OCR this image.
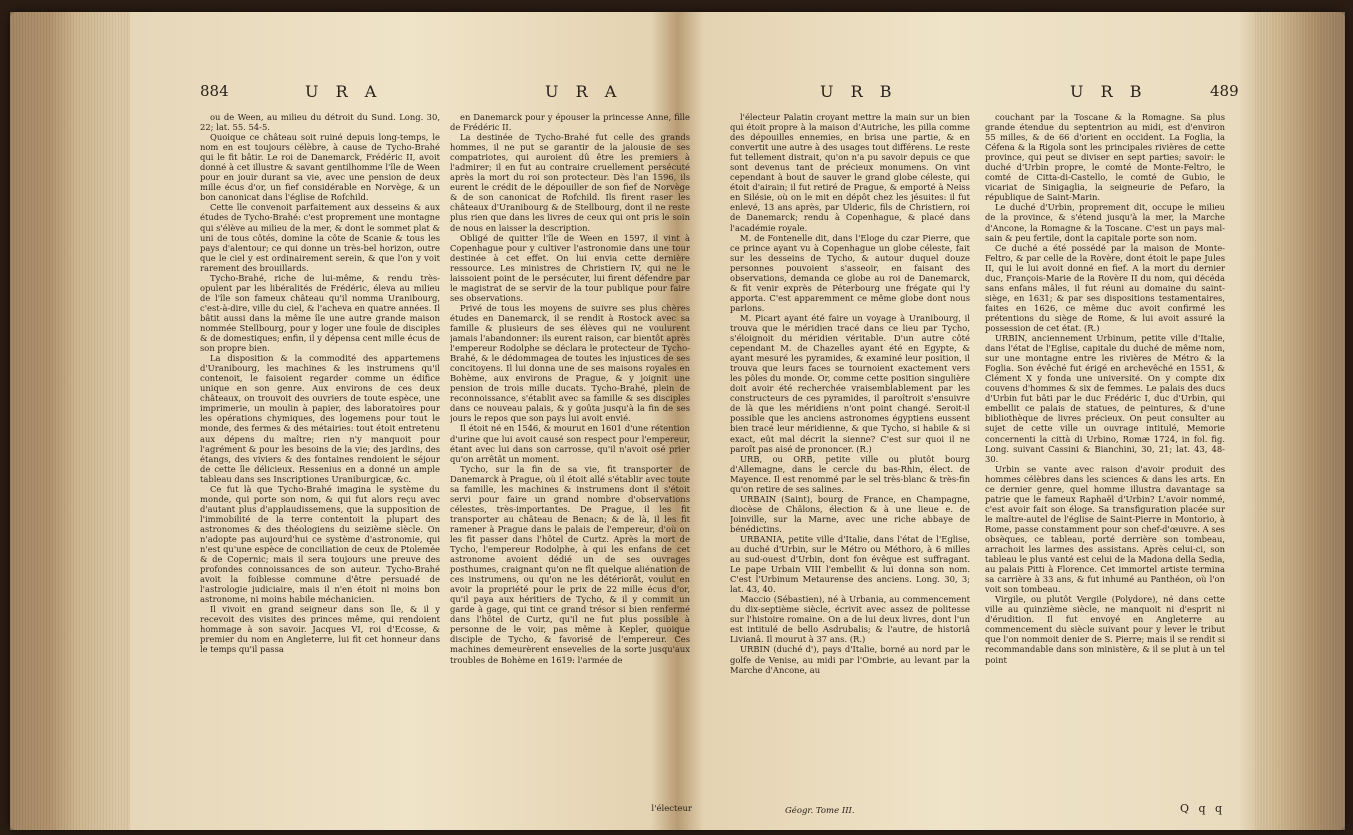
884	U R A	U R A

ou de Ween, au milieu du détroit du Sund. Long. 30, 22; lat. 55. 54-5.

Quoique ce château soit ruiné depuis long-temps, le nom en est toujours célèbre, à cause de Tycho-Brahé qui le fit bâtir. Le roi de Danemarck, Frédéric II, avoit donné à cet illustre & savant gentilhomme l'île de Ween pour en jouir durant sa vie, avec une pension de deux mille écus d'or, un fief considérable en Norvège, & un bon canonicat dans l'église de Rofchild.

Cette île convenoit parfaitement aux desseins & aux études de Tycho-Brahé: c'est proprement une montagne qui s'élève au milieu de la mer, & dont le sommet plat & uni de tous côtés, domine la côte de Scanie & tous les pays d'alentour; ce qui donne un très-bel horizon, outre que le ciel y est ordinairement serein, & que l'on y voit rarement des brouillards.

Tycho-Brahé, riche de lui-même, & rendu très-opulent par les libéralités de Frédéric, éleva au milieu de l'île son fameux château qu'il nomma Uranibourg, c'est-à-dire, ville du ciel, & l'acheva en quatre années. Il bâtit aussi dans la même île une autre grande maison nommée Stellbourg, pour y loger une foule de disciples & de domestiques; enfin, il y dépensa cent mille écus de son propre bien.

La disposition & la commodité des appartemens d'Uranibourg, les machines & les instrumens qu'il contenoit, le faisoient regarder comme un édifice unique en son genre. Aux environs de ces deux châteaux, on trouvoit des ouvriers de toute espèce, une imprimerie, un moulin à papier, des laboratoires pour les opérations chymiques, des logemens pour tout le monde, des fermes & des métairies: tout étoit entretenu aux dépens du maître; rien n'y manquoit pour l'agrément & pour les besoins de la vie; des jardins, des étangs, des viviers & des fontaines rendoient le séjour de cette île délicieux. Ressenius en a donné un ample tableau dans ses Inscriptiones Uraniburgicæ, &c.

Ce fut là que Tycho-Brahé imagina le système du monde, qui porte son nom, & qui fut alors reçu avec d'autant plus d'applaudissemens, que la supposition de l'immobilité de la terre contentoit la plupart des astronomes & des théologiens du seizième siècle. On n'adopte pas aujourd'hui ce système d'astronomie, qui n'est qu'une espèce de conciliation de ceux de Ptolemée & de Copernic; mais il sera toujours une preuve des profondes connoissances de son auteur. Tycho-Brahé avoit la foiblesse commune d'être persuadé de l'astrologie judiciaire, mais il n'en étoit ni moins bon astronome, ni moins habile méchanicien.

Il vivoit en grand seigneur dans son île, & il y recevoit des visites des princes même, qui rendoient hommage à son savoir. Jacques VI, roi d'Ecosse, & premier du nom en Angleterre, lui fit cet honneur dans le temps qu'il passa

en Danemarck pour y épouser la princesse Anne, fille de Frédéric II.

La destinée de Tycho-Brahé fut celle des grands hommes, il ne put se garantir de la jalousie de ses compatriotes, qui auroient dû être les premiers à l'admirer; il en fut au contraire cruellement persécuté après la mort du roi son protecteur. Dès l'an 1596, ils eurent le crédit de le dépouiller de son fief de Norvège & de son canonicat de Rofchild. Ils firent raser les châteaux d'Uranibourg & de Stellbourg, dont il ne reste plus rien que dans les livres de ceux qui ont pris le soin de nous en laisser la description.

Obligé de quitter l'île de Ween en 1597, il vint à Copenhague pour y cultiver l'astronomie dans une tour destinée à cet effet. On lui envia cette dernière ressource. Les ministres de Christiern IV, qui ne le laissoient point de le persécuter, lui firent défendre par le magistrat de se servir de la tour publique pour faire ses observations.

Privé de tous les moyens de suivre ses plus chères études en Danemarck, il se rendit à Rostock avec sa famille & plusieurs de ses élèves qui ne voulurent jamais l'abandonner: ils eurent raison, car bientôt après l'empereur Rodolphe se déclara le protecteur de Tycho-Brahé, & le dédommagea de toutes les injustices de ses concitoyens. Il lui donna une de ses maisons royales en Bohème, aux environs de Prague, & y joignit une pension de trois mille ducats. Tycho-Brahé, plein de reconnoissance, s'établit avec sa famille & ses disciples dans ce nouveau palais, & y goûta jusqu'à la fin de ses jours le repos que son pays lui avoit envié.

Il étoit né en 1546, & mourut en 1601 d'une rétention d'urine que lui avoit causé son respect pour l'empereur, étant avec lui dans son carrosse, qu'il n'avoit osé prier qu'on arrêtât un moment.

Tycho, sur la fin de sa vie, fit transporter de Danemarck à Prague, où il étoit allé s'établir avec toute sa famille, les machines & instrumens dont il s'étoit servi pour faire un grand nombre d'observations célestes, très-importantes. De Prague, il les fit transporter au château de Benacn; & de là, il les fit ramener à Prague dans le palais de l'empereur, d'où on les fit passer dans l'hôtel de Curtz. Après la mort de Tycho, l'empereur Rodolphe, à qui les enfans de cet astronome avoient dédié un de ses ouvrages posthumes, craignant qu'on ne fît quelque aliénation de ces instrumens, ou qu'on ne les détériorât, voulut en avoir la propriété pour le prix de 22 mille écus d'or, qu'il paya aux héritiers de Tycho, & il y commit un garde à gage, qui tint ce grand trésor si bien renfermé dans l'hôtel de Curtz, qu'il ne fut plus possible à personne de le voir, pas même à Kepler, quoique disciple de Tycho, & favorisé de l'empereur. Ces machines demeurèrent ensevelies de la sorte jusqu'aux troubles de Bohème en 1619: l'armée de

l'électeur
U R B	U R B	489

l'électeur Palatin croyant mettre la main sur un bien qui étoit propre à la maison d'Autriche, les pilla comme des dépouilles ennemies, en brisa une partie, & en convertit une autre à des usages tout différens. Le reste fut tellement distrait, qu'on n'a pu savoir depuis ce que sont devenus tant de précieux monumens. On vint cependant à bout de sauver le grand globe céleste, qui étoit d'airain; il fut retiré de Prague, & emporté à Neiss en Silésie, où on le mit en dépôt chez les jésuites: il fut enlevé, 13 ans après, par Ulderic, fils de Christiern, roi de Danemarck; rendu à Copenhague, & placé dans l'académie royale.

M. de Fontenelle dit, dans l'Eloge du czar Pierre, que ce prince ayant vu à Copenhague un globe céleste, fait sur les desseins de Tycho, & autour duquel douze personnes pouvoient s'asseoir, en faisant des observations, demanda ce globe au roi de Danemarck, & fit venir exprès de Péterbourg une frégate qui l'y apporta. C'est apparemment ce même globe dont nous parlons.

M. Picart ayant été faire un voyage à Uranibourg, il trouva que le méridien tracé dans ce lieu par Tycho, s'éloignoit du méridien véritable. D'un autre côté cependant M. de Chazelles ayant été en Egypte, & ayant mesuré les pyramides, & examiné leur position, il trouva que leurs faces se tournoient exactement vers les pôles du monde. Or, comme cette position singulière doit avoir été recherchée vraisemblablement par les constructeurs de ces pyramides, il paroîtroit s'ensuivre de là que les méridiens n'ont point changé. Seroit-il possible que les anciens astronomes égyptiens eussent bien tracé leur méridienne, & que Tycho, si habile & si exact, eût mal décrit la sienne? C'est sur quoi il ne paroît pas aisé de prononcer. (R.)

URB, ou ORB, petite ville ou plutôt bourg d'Allemagne, dans le cercle du bas-Rhin, élect. de Mayence. Il est renommé par le sel très-blanc & très-fin qu'on retire de ses salines.

URBAIN (Saint), bourg de France, en Champagne, diocèse de Châlons, élection & à une lieue e. de Joinville, sur la Marne, avec une riche abbaye de bénédictins.

URBANIA, petite ville d'Italie, dans l'état de l'Eglise, au duché d'Urbin, sur le Métro ou Méthoro, à 6 milles au sud-ouest d'Urbin, dont fon évêque est suffragant. Le pape Urbain VIII l'embellit & lui donna son nom. C'est l'Urbinum Metaurense des anciens. Long. 30, 3; lat. 43, 40.

Maccio (Sébastien), né à Urbania, au commencement du dix-septième siècle, écrivit avec assez de politesse sur l'histoire romaine. On a de lui deux livres, dont l'un est intitulé de bello Asdrubalis; & l'autre, de historiâ Livianâ. Il mourut à 37 ans. (R.)

URBIN (duché d'), pays d'Italie, borné au nord par le golfe de Venise, au midi par l'Ombrie, au levant par la Marche d'Ancone, au

couchant par la Toscane & la Romagne. Sa plus grande étendue du septentrion au midi, est d'environ 55 milles, & de 66 d'orient en occident. La Foglia, la Céfena & la Rigola sont les principales rivières de cette province, qui peut se diviser en sept parties; savoir: le duché d'Urbin propre, le comté de Monte-Feltro, le comté de Citta-di-Castello, le comté de Gubio, le vicariat de Sinigaglia, la seigneurie de Pefaro, la république de Saint-Marin.

Le duché d'Urbin, proprement dit, occupe le milieu de la province, & s'étend jusqu'à la mer, la Marche d'Ancone, la Romagne & la Toscane. C'est un pays mal-sain & peu fertile, dont la capitale porte son nom.

Ce duché a été possédé par la maison de Monte-Feltro, & par celle de la Rovère, dont étoit le pape Jules II, qui le lui avoit donné en fief. A la mort du dernier duc, François-Marie de la Rovère II du nom, qui décéda sans enfans mâles, il fut réuni au domaine du saint-siège, en 1631; & par ses dispositions testamentaires, faites en 1626, ce même duc avoit confirmé les prétentions du siège de Rome, & lui avoit assuré la possession de cet état. (R.)

URBIN, anciennement Urbinum, petite ville d'Italie, dans l'état de l'Eglise, capitale du duché de même nom, sur une montagne entre les rivières de Métro & la Foglia. Son évêché fut érigé en archevêché en 1551, & Clément X y fonda une université. On y compte dix couvens d'hommes & six de femmes. Le palais des ducs d'Urbin fut bâti par le duc Frédéric I, duc d'Urbin, qui embellit ce palais de statues, de peintures, & d'une bibliothèque de livres précieux. On peut consulter au sujet de cette ville un ouvrage intitulé, Memorie concernenti la città di Urbino, Romæ 1724, in fol. fig. Long. suivant Cassini & Bianchini, 30, 21; lat. 43, 48-30.

Urbin se vante avec raison d'avoir produit des hommes célèbres dans les sciences & dans les arts. En ce dernier genre, quel homme illustra davantage sa patrie que le fameux Raphaël d'Urbin? L'avoir nommé, c'est avoir fait son éloge. Sa transfiguration placée sur le maître-autel de l'église de Saint-Pierre in Montorio, à Rome, passe constamment pour son chef-d'œuvre. A ses obsèques, ce tableau, porté derrière son tombeau, arrachoit les larmes des assistans. Après celui-ci, son tableau le plus vanté est celui de la Madona della Sedia, au palais Pitti à Florence. Cet immortel artiste termina sa carrière à 33 ans, & fut inhumé au Panthéon, où l'on voit son tombeau.

Virgile, ou plutôt Vergile (Polydore), né dans cette ville au quinzième siècle, ne manquoit ni d'esprit ni d'érudition. Il fut envoyé en Angleterre au commencement du siècle suivant pour y lever le tribut que l'on nommoit denier de S. Pierre; mais il se rendit si recommandable dans son ministère, & il se plut à un tel point

Géogr. Tome III.	Q q q
